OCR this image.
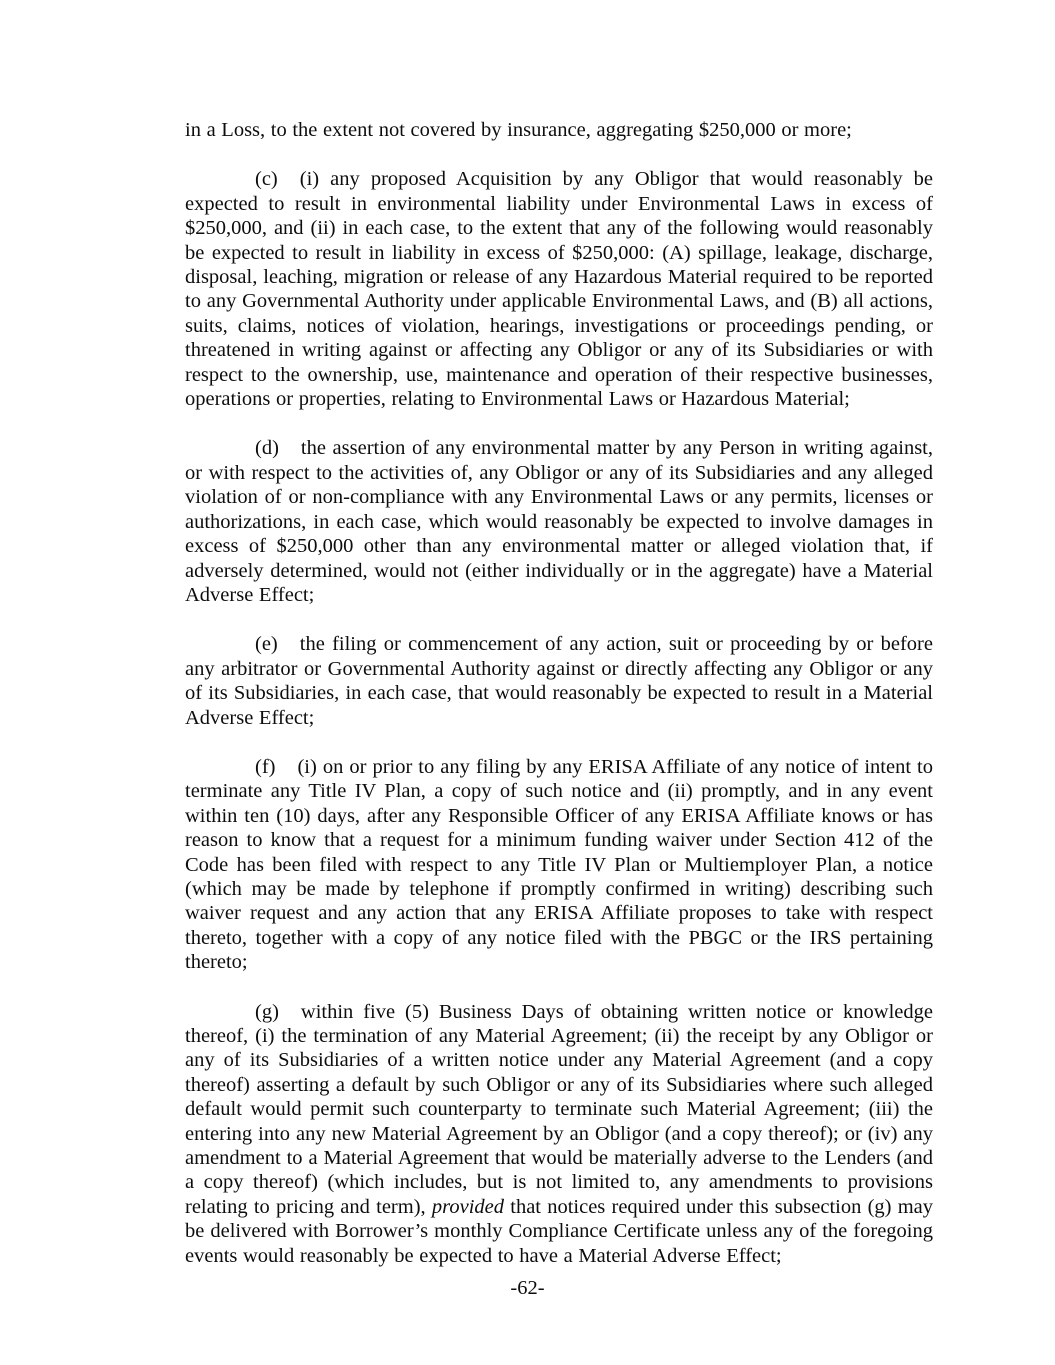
in a Loss, to the extent not covered by insurance, aggregating $250,000 or more;

(c) (i) any proposed Acquisition by any Obligor that would reasonably be expected to result in environmental liability under Environmental Laws in excess of $250,000, and (ii) in each case, to the extent that any of the following would reasonably be expected to result in liability in excess of $250,000: (A) spillage, leakage, discharge, disposal, leaching, migration or release of any Hazardous Material required to be reported to any Governmental Authority under applicable Environmental Laws, and (B) all actions, suits, claims, notices of violation, hearings, investigations or proceedings pending, or threatened in writing against or affecting any Obligor or any of its Subsidiaries or with respect to the ownership, use, maintenance and operation of their respective businesses, operations or properties, relating to Environmental Laws or Hazardous Material;

(d) the assertion of any environmental matter by any Person in writing against, or with respect to the activities of, any Obligor or any of its Subsidiaries and any alleged violation of or non-compliance with any Environmental Laws or any permits, licenses or authorizations, in each case, which would reasonably be expected to involve damages in excess of $250,000 other than any environmental matter or alleged violation that, if adversely determined, would not (either individually or in the aggregate) have a Material Adverse Effect;

(e) the filing or commencement of any action, suit or proceeding by or before any arbitrator or Governmental Authority against or directly affecting any Obligor or any of its Subsidiaries, in each case, that would reasonably be expected to result in a Material Adverse Effect;

(f) (i) on or prior to any filing by any ERISA Affiliate of any notice of intent to terminate any Title IV Plan, a copy of such notice and (ii) promptly, and in any event within ten (10) days, after any Responsible Officer of any ERISA Affiliate knows or has reason to know that a request for a minimum funding waiver under Section 412 of the Code has been filed with respect to any Title IV Plan or Multiemployer Plan, a notice (which may be made by telephone if promptly confirmed in writing) describing such waiver request and any action that any ERISA Affiliate proposes to take with respect thereto, together with a copy of any notice filed with the PBGC or the IRS pertaining thereto;

(g) within five (5) Business Days of obtaining written notice or knowledge thereof, (i) the termination of any Material Agreement; (ii) the receipt by any Obligor or any of its Subsidiaries of a written notice under any Material Agreement (and a copy thereof) asserting a default by such Obligor or any of its Subsidiaries where such alleged default would permit such counterparty to terminate such Material Agreement; (iii) the entering into any new Material Agreement by an Obligor (and a copy thereof); or (iv) any amendment to a Material Agreement that would be materially adverse to the Lenders (and a copy thereof) (which includes, but is not limited to, any amendments to provisions relating to pricing and term), provided that notices required under this subsection (g) may be delivered with Borrower’s monthly Compliance Certificate unless any of the foregoing events would reasonably be expected to have a Material Adverse Effect;

-62-
